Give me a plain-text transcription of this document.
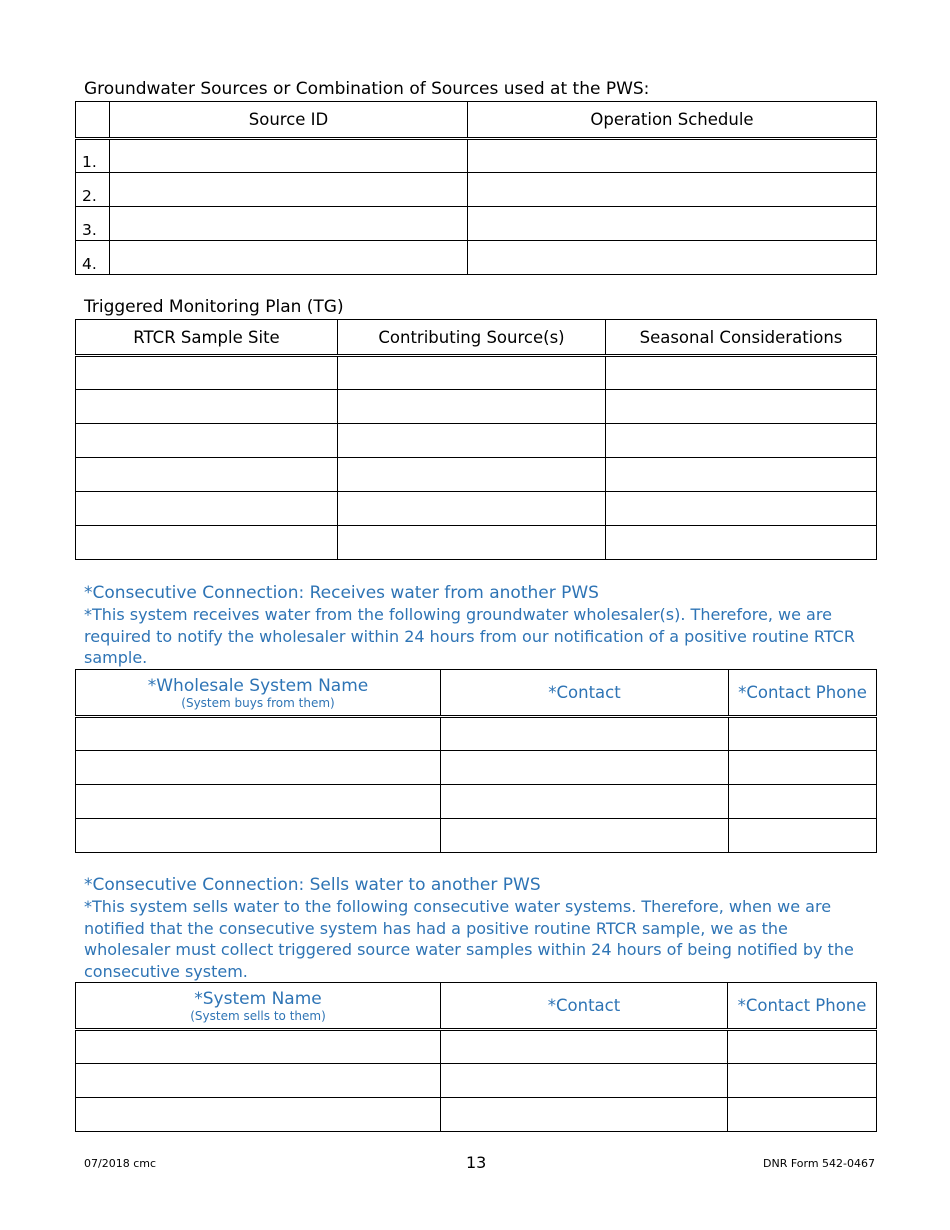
Groundwater Sources or Combination of Sources used at the PWS:
	Source ID	Operation Schedule
1.		
2.		
3.		
4.		
Triggered Monitoring Plan (TG)
RTCR Sample Site	Contributing Source(s)	Seasonal Considerations

*Consecutive Connection: Receives water from another PWS
*This system receives water from the following groundwater wholesaler(s). Therefore, we are required to notify the wholesaler within 24 hours from our notification of a positive routine RTCR sample.
*Wholesale System Name
(System buys from them)	*Contact	*Contact Phone

*Consecutive Connection: Sells water to another PWS
*This system sells water to the following consecutive water systems. Therefore, when we are notified that the consecutive system has had a positive routine RTCR sample, we as the wholesaler must collect triggered source water samples within 24 hours of being notified by the consecutive system.
*System Name
(System sells to them)	*Contact	*Contact Phone

07/2018 cmc	13	DNR Form 542-0467
